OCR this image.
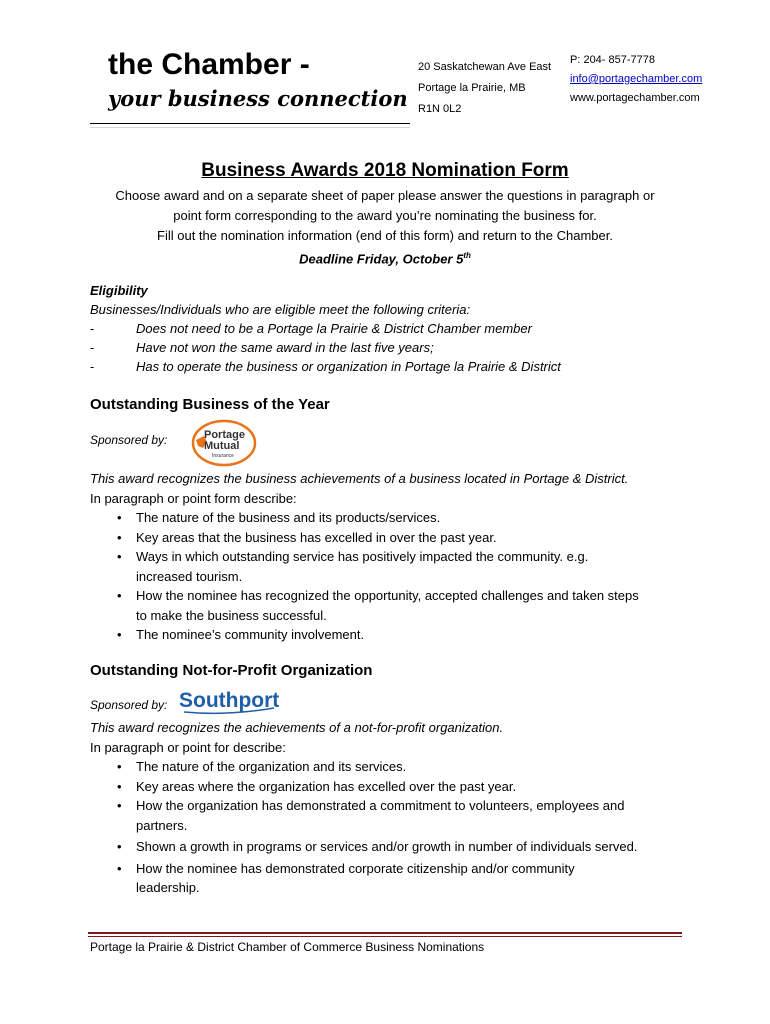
the Chamber -
your business connection
20 Saskatchewan Ave East
Portage la Prairie, MB
R1N 0L2
P: 204- 857-7778
info@portagechamber.com
www.portagechamber.com
Business Awards 2018 Nomination Form
Choose award and on a separate sheet of paper please answer the questions in paragraph or
point form corresponding to the award you’re nominating the business for.
Fill out the nomination information (end of this form) and return to the Chamber.
Deadline Friday, October 5th
Eligibility
Businesses/Individuals who are eligible meet the following criteria:
-	Does not need to be a Portage la Prairie & District Chamber member
-	Have not won the same award in the last five years;
-	Has to operate the business or organization in Portage la Prairie & District
Outstanding Business of the Year
Sponsored by:	Portage
Mutual
Insurance
This award recognizes the business achievements of a business located in Portage & District.
In paragraph or point form describe:
• The nature of the business and its products/services.
• Key areas that the business has excelled in over the past year.
• Ways in which outstanding service has positively impacted the community. e.g.
increased tourism.
• How the nominee has recognized the opportunity, accepted challenges and taken steps
to make the business successful.
• The nominee’s community involvement.
Outstanding Not-for-Profit Organization
Sponsored by: Southport
This award recognizes the achievements of a not-for-profit organization.
In paragraph or point for describe:
• The nature of the organization and its services.
• Key areas where the organization has excelled over the past year.
• How the organization has demonstrated a commitment to volunteers, employees and
partners.
• Shown a growth in programs or services and/or growth in number of individuals served.
• How the nominee has demonstrated corporate citizenship and/or community
leadership.
Portage la Prairie & District Chamber of Commerce Business Nominations
